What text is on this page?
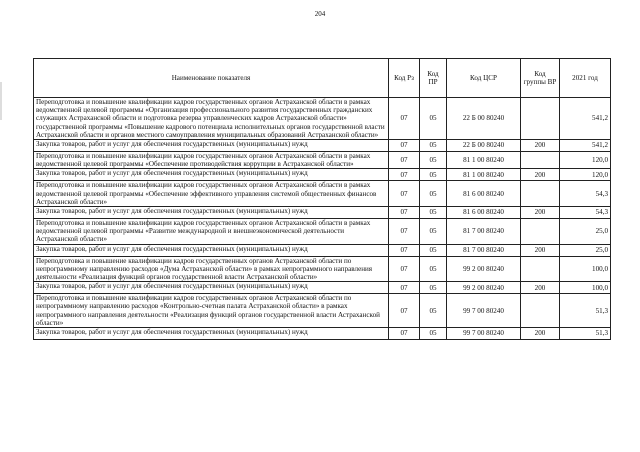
204
Наименование показателя	Код Рз	Код ПР	Код ЦСР	Код группы ВР	2021 год
Переподготовка и повышение квалификации кадров государственных органов Астраханской области в рамках ведомственной целевой программы «Организация профессионального развития государственных гражданских служащих Астраханской области и подготовка резерва управленческих кадров Астраханской области» государственной программы «Повышение кадрового потенциала исполнительных органов государственной власти Астраханской области и органов местного самоуправления муниципальных образований Астраханской области»	07	05	22 Б 00 80240		541,2
Закупка товаров, работ и услуг для обеспечения государственных (муниципальных) нужд	07	05	22 Б 00 80240	200	541,2
Переподготовка и повышение квалификации кадров государственных органов Астраханской области в рамках ведомственной целевой программы «Обеспечение противодействия коррупции в Астраханской области»	07	05	81 1 00 80240		120,0
Закупка товаров, работ и услуг для обеспечения государственных (муниципальных) нужд	07	05	81 1 00 80240	200	120,0
Переподготовка и повышение квалификации кадров государственных органов Астраханской области в рамках ведомственной целевой программы «Обеспечение эффективного управления системой общественных финансов Астраханской области»	07	05	81 6 00 80240		54,3
Закупка товаров, работ и услуг для обеспечения государственных (муниципальных) нужд	07	05	81 6 00 80240	200	54,3
Переподготовка и повышение квалификации кадров государственных органов Астраханской области в рамках ведомственной целевой программы «Развитие международной и внешнеэкономической деятельности Астраханской области»	07	05	81 7 00 80240		25,0
Закупка товаров, работ и услуг для обеспечения государственных (муниципальных) нужд	07	05	81 7 00 80240	200	25,0
Переподготовка и повышение квалификации кадров государственных органов Астраханской области по непрограммному направлению расходов «Дума Астраханской области» в рамках непрограммного направления деятельности «Реализация функций органов государственной власти Астраханской области»	07	05	99 2 00 80240		100,0
Закупка товаров, работ и услуг для обеспечения государственных (муниципальных) нужд	07	05	99 2 00 80240	200	100,0
Переподготовка и повышение квалификации кадров государственных органов Астраханской области по непрограммному направлению расходов «Контрольно-счетная палата Астраханской области» в рамках непрограммного направления деятельности «Реализация функций органов государственной власти Астраханской области»	07	05	99 7 00 80240		51,3
Закупка товаров, работ и услуг для обеспечения государственных (муниципальных) нужд	07	05	99 7 00 80240	200	51,3
